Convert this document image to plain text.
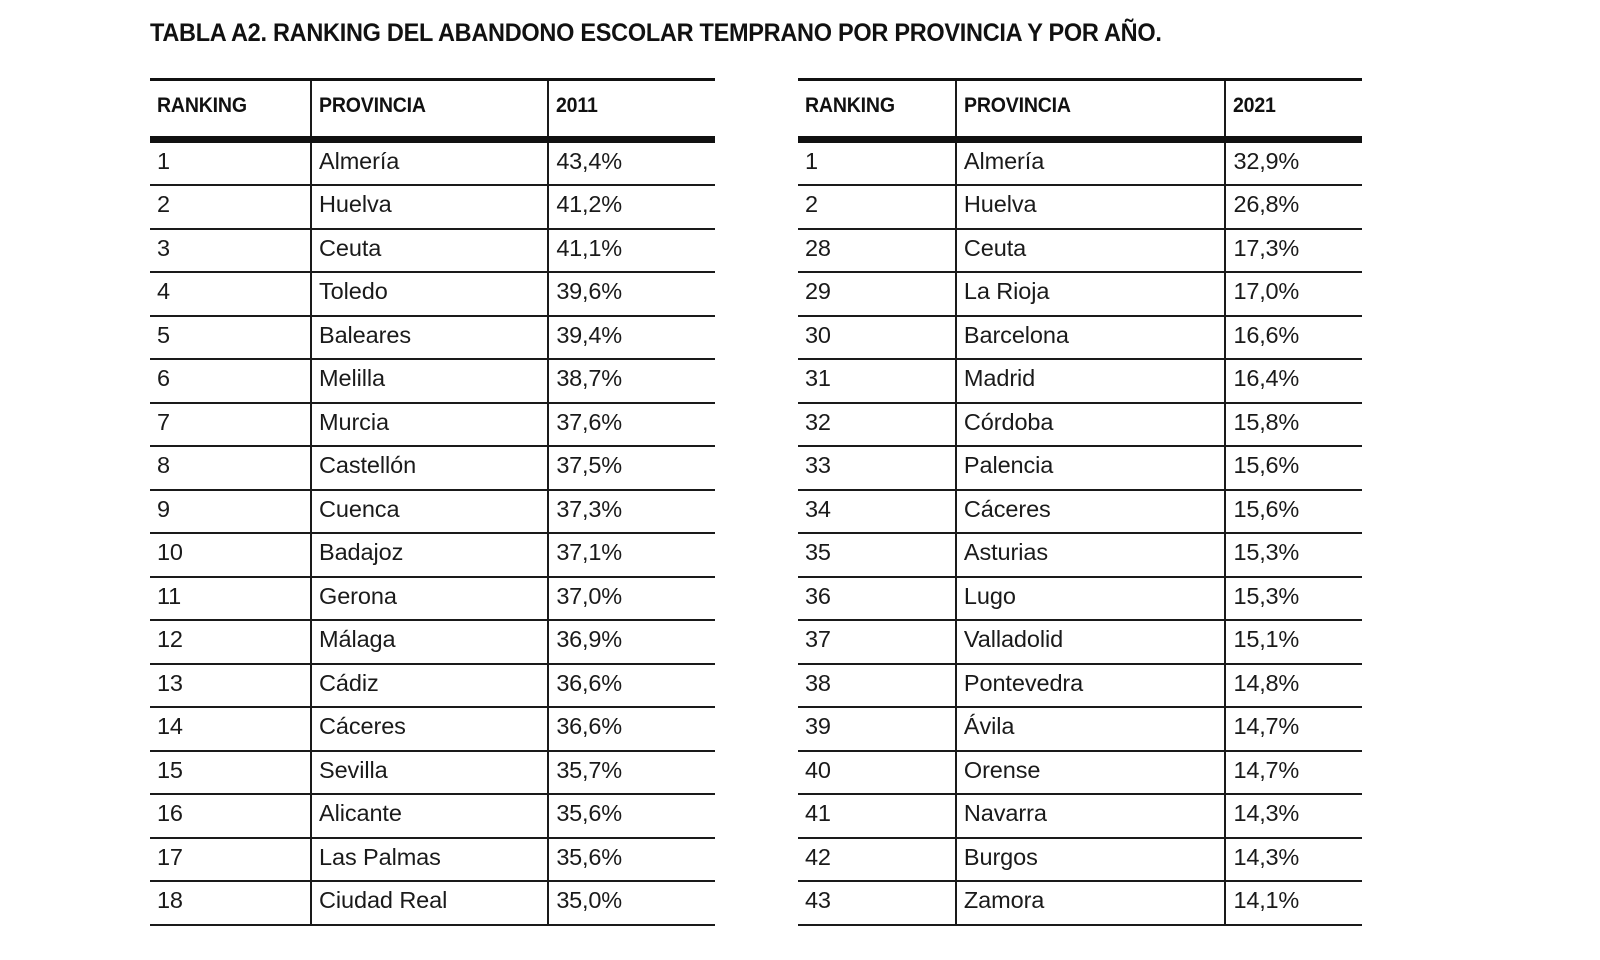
TABLA A2. RANKING DEL ABANDONO ESCOLAR TEMPRANO POR PROVINCIA Y POR AÑO.
RANKING	PROVINCIA	2011
1	Almería	43,4%
2	Huelva	41,2%
3	Ceuta	41,1%
4	Toledo	39,6%
5	Baleares	39,4%
6	Melilla	38,7%
7	Murcia	37,6%
8	Castellón	37,5%
9	Cuenca	37,3%
10	Badajoz	37,1%
11	Gerona	37,0%
12	Málaga	36,9%
13	Cádiz	36,6%
14	Cáceres	36,6%
15	Sevilla	35,7%
16	Alicante	35,6%
17	Las Palmas	35,6%
18	Ciudad Real	35,0%
RANKING	PROVINCIA	2021
1	Almería	32,9%
2	Huelva	26,8%
28	Ceuta	17,3%
29	La Rioja	17,0%
30	Barcelona	16,6%
31	Madrid	16,4%
32	Córdoba	15,8%
33	Palencia	15,6%
34	Cáceres	15,6%
35	Asturias	15,3%
36	Lugo	15,3%
37	Valladolid	15,1%
38	Pontevedra	14,8%
39	Ávila	14,7%
40	Orense	14,7%
41	Navarra	14,3%
42	Burgos	14,3%
43	Zamora	14,1%
